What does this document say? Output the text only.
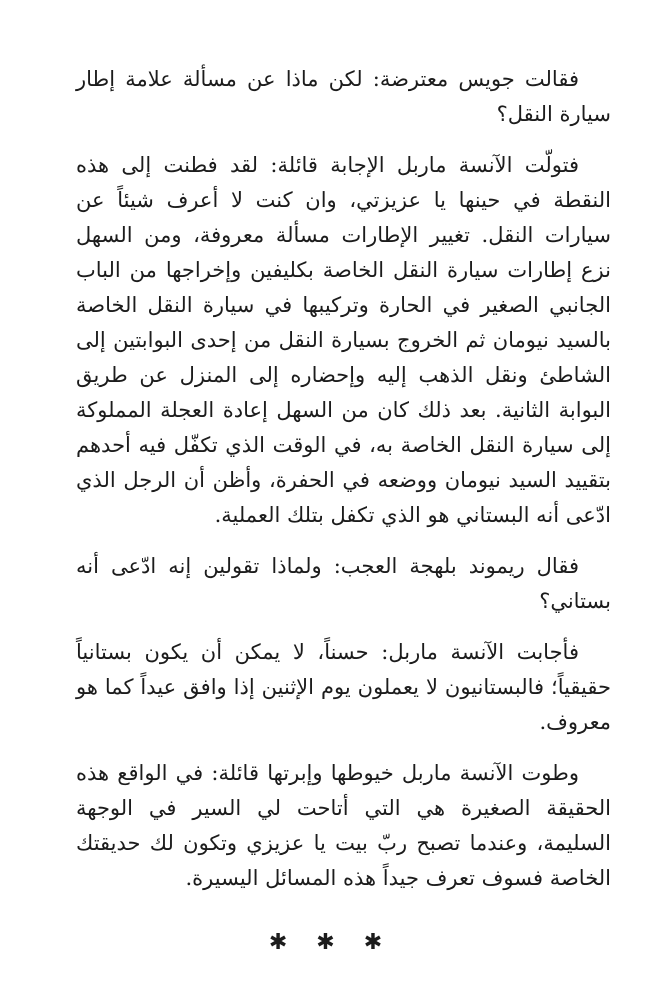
فقالت جويس معترضة: لكن ماذا عن مسألة علامة إطار سيارة النقل؟

فتولّت الآنسة ماربل الإجابة قائلة: لقد فطنت إلى هذه النقطة في حينها يا عزيزتي، وان كنت لا أعرف شيئاً عن سيارات النقل. تغيير الإطارات مسألة معروفة، ومن السهل نزع إطارات سيارة النقل الخاصة بكليفين وإخراجها من الباب الجانبي الصغير في الحارة وتركيبها في سيارة النقل الخاصة بالسيد نيومان ثم الخروج بسيارة النقل من إحدى البوابتين إلى الشاطئ ونقل الذهب إليه وإحضاره إلى المنزل عن طريق البوابة الثانية. بعد ذلك كان من السهل إعادة العجلة المملوكة إلى سيارة النقل الخاصة به، في الوقت الذي تكفّل فيه أحدهم بتقييد السيد نيومان ووضعه في الحفرة، وأظن أن الرجل الذي ادّعى أنه البستاني هو الذي تكفل بتلك العملية.

فقال ريموند بلهجة العجب: ولماذا تقولين إنه ادّعى أنه بستاني؟

فأجابت الآنسة ماربل: حسناً، لا يمكن أن يكون بستانياً حقيقياً؛ فالبستانيون لا يعملون يوم الإثنين إذا وافق عيداً كما هو معروف.

وطوت الآنسة ماربل خيوطها وإبرتها قائلة: في الواقع هذه الحقيقة الصغيرة هي التي أتاحت لي السير في الوجهة السليمة، وعندما تصبح ربّ بيت يا عزيزي وتكون لك حديقتك الخاصة فسوف تعرف جيداً هذه المسائل اليسيرة.

✱ ✱ ✱
